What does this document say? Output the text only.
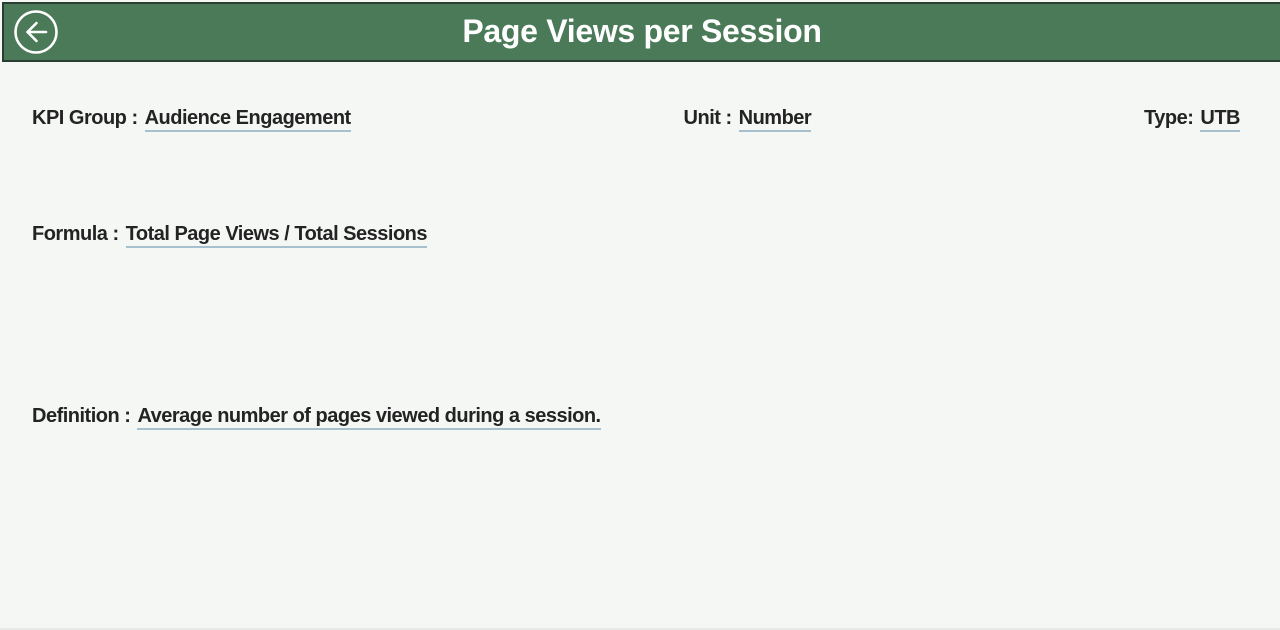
Page Views per Session
KPI Group : Audience Engagement	Unit : Number	Type: UTB
Formula : Total Page Views / Total Sessions
Definition : Average number of pages viewed during a session.
